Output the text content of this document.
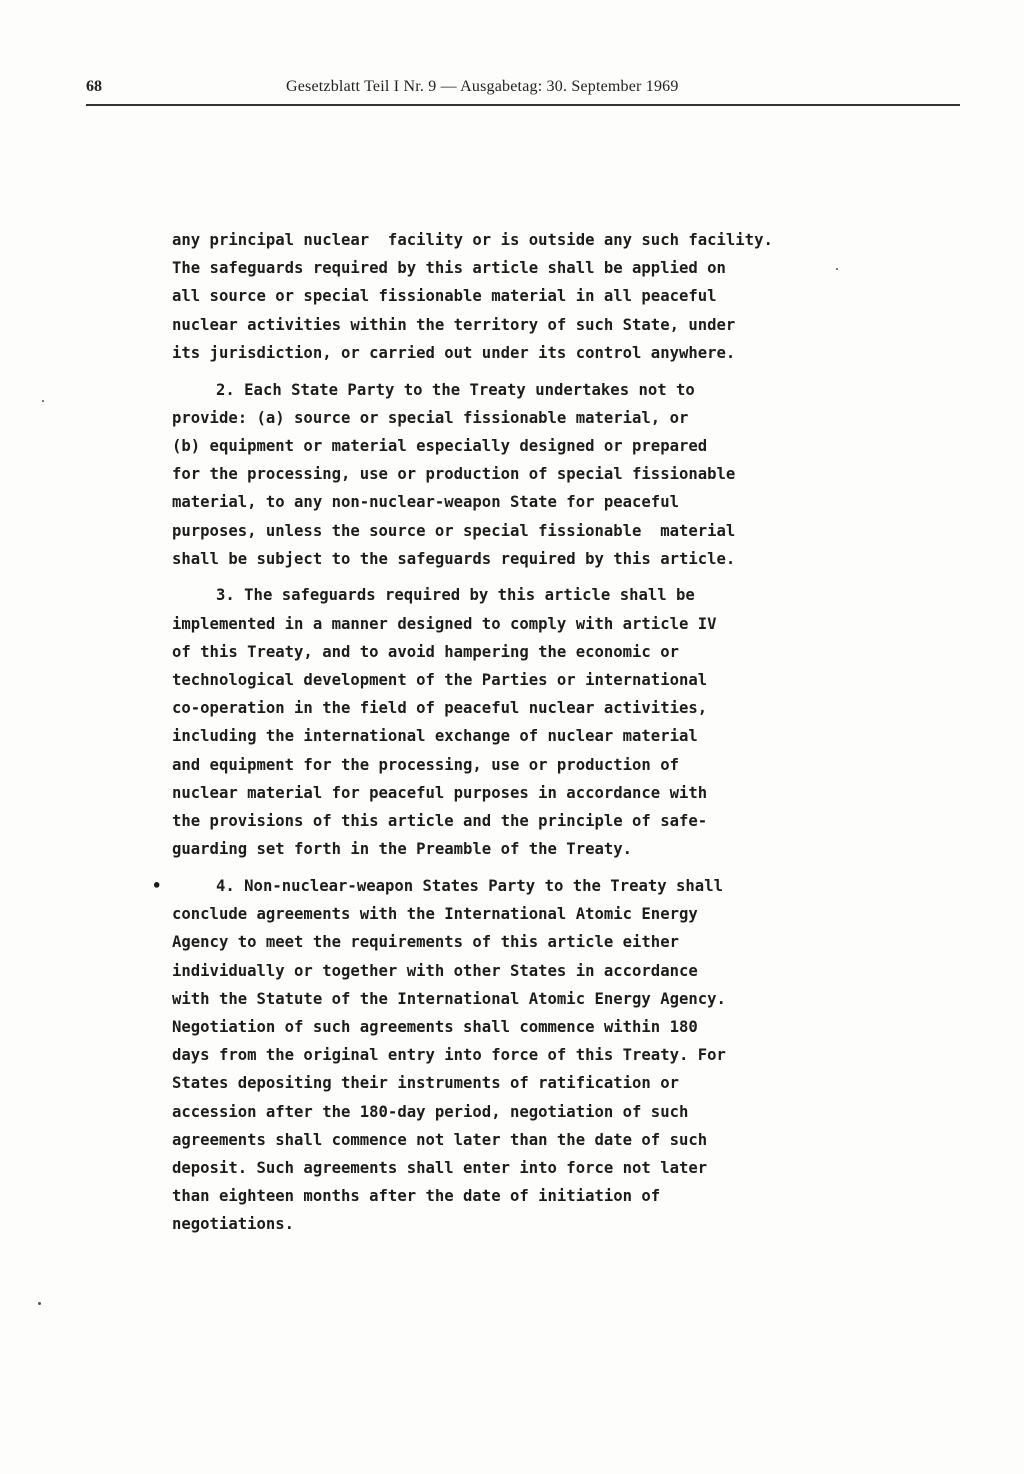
68	Gesetzblatt Teil I Nr. 9 — Ausgabetag: 30. September 1969
any principal nuclear  facility or is outside any such facility.
The safeguards required by this article shall be applied on
all source or special fissionable material in all peaceful
nuclear activities within the territory of such State, under
its jurisdiction, or carried out under its control anywhere.
2. Each State Party to the Treaty undertakes not to
provide: (a) source or special fissionable material, or
(b) equipment or material especially designed or prepared
for the processing, use or production of special fissionable
material, to any non-nuclear-weapon State for peaceful
purposes, unless the source or special fissionable  material
shall be subject to the safeguards required by this article.
3. The safeguards required by this article shall be
implemented in a manner designed to comply with article IV
of this Treaty, and to avoid hampering the economic or
technological development of the Parties or international
co-operation in the field of peaceful nuclear activities,
including the international exchange of nuclear material
and equipment for the processing, use or production of
nuclear material for peaceful purposes in accordance with
the provisions of this article and the principle of safe-
guarding set forth in the Preamble of the Treaty.
•	4. Non-nuclear-weapon States Party to the Treaty shall
conclude agreements with the International Atomic Energy
Agency to meet the requirements of this article either
individually or together with other States in accordance
with the Statute of the International Atomic Energy Agency.
Negotiation of such agreements shall commence within 180
days from the original entry into force of this Treaty. For
States depositing their instruments of ratification or
accession after the 180-day period, negotiation of such
agreements shall commence not later than the date of such
deposit. Such agreements shall enter into force not later
than eighteen months after the date of initiation of
negotiations.
